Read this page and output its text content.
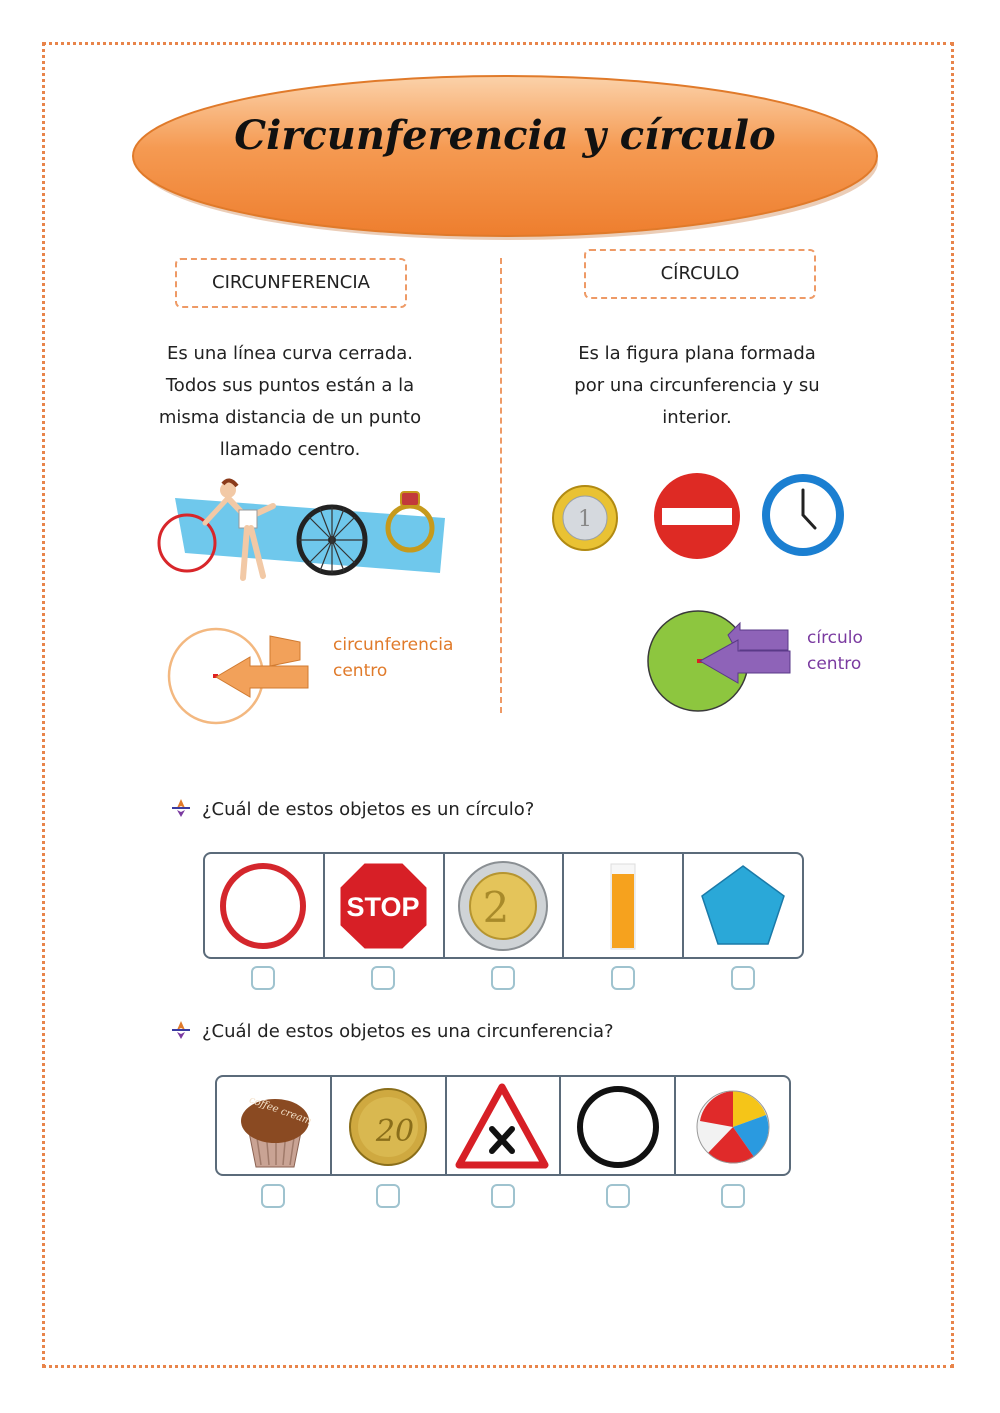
Circunferencia y círculo
CIRCUNFERENCIA	CÍRCULO
Es una línea curva cerrada.
Todos sus puntos están a la
misma distancia de un punto
llamado centro.
Es la figura plana formada
por una circunferencia y su
interior.
1
circunferencia
centro
círculo
centro
¿Cuál de estos objetos es un círculo?
STOP 2
¿Cuál de estos objetos es una circunferencia?
coffee cream
20
